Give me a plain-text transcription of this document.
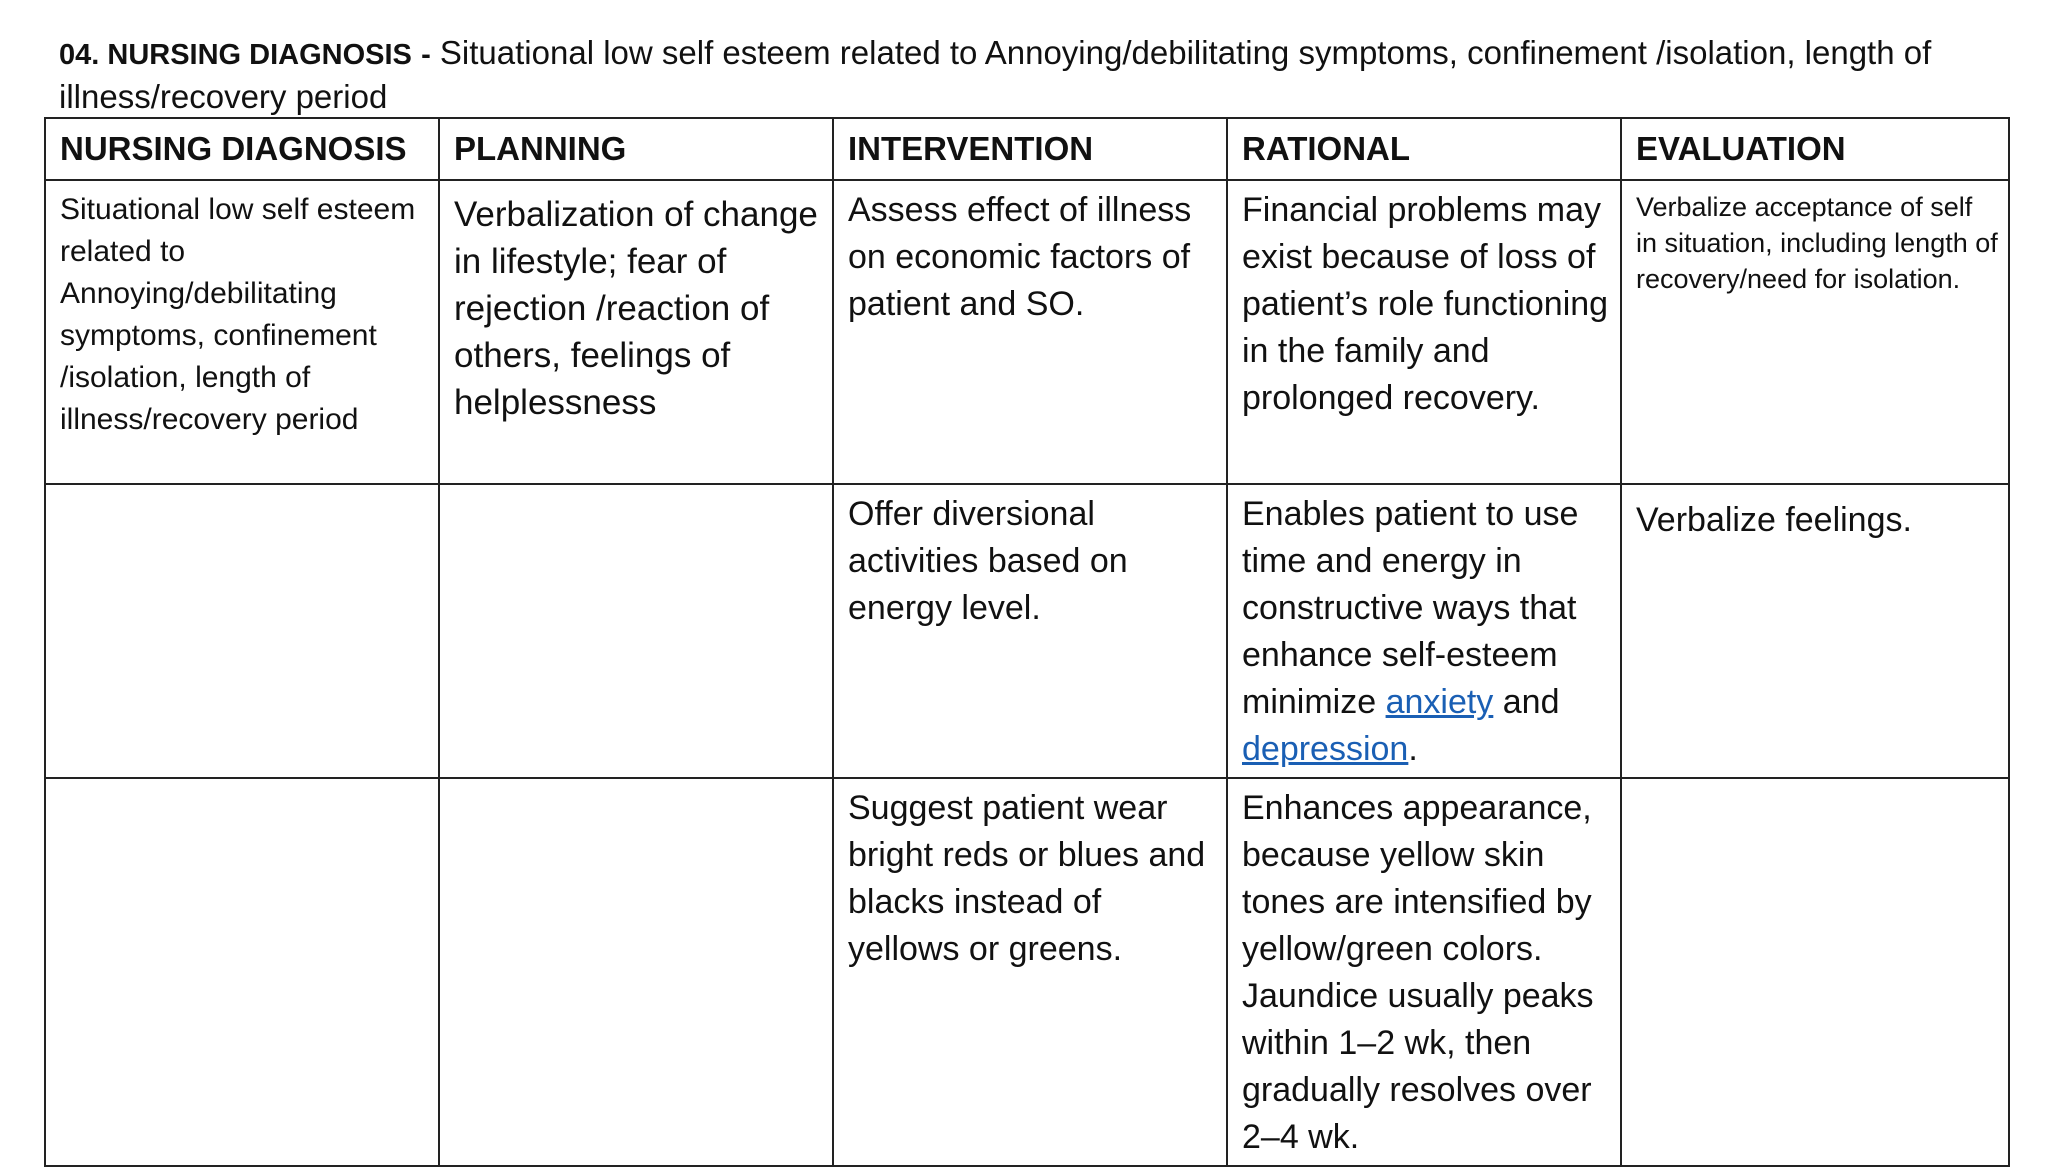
04. NURSING DIAGNOSIS - Situational low self esteem related to Annoying/debilitating symptoms, confinement /isolation, length of illness/recovery period
NURSING DIAGNOSIS	PLANNING	INTERVENTION	RATIONAL	EVALUATION

Situational low self esteem related to Annoying/debilitating symptoms, confinement /isolation, length of illness/recovery period	Verbalization of change in lifestyle; fear of rejection /reaction of others, feelings of helplessness	Assess effect of illness on economic factors of patient and SO.	Financial problems may exist because of loss of patient’s role functioning in the family and prolonged recovery.	Verbalize acceptance of self in situation, including length of recovery/need for isolation.

		Offer diversional activities based on energy level.	Enables patient to use time and energy in constructive ways that enhance self-esteem minimize anxiety and depression.	Verbalize feelings.

		Suggest patient wear bright reds or blues and blacks instead of yellows or greens.	Enhances appearance, because yellow skin tones are intensified by yellow/green colors. Jaundice usually peaks within 1–2 wk, then gradually resolves over 2–4 wk.	
